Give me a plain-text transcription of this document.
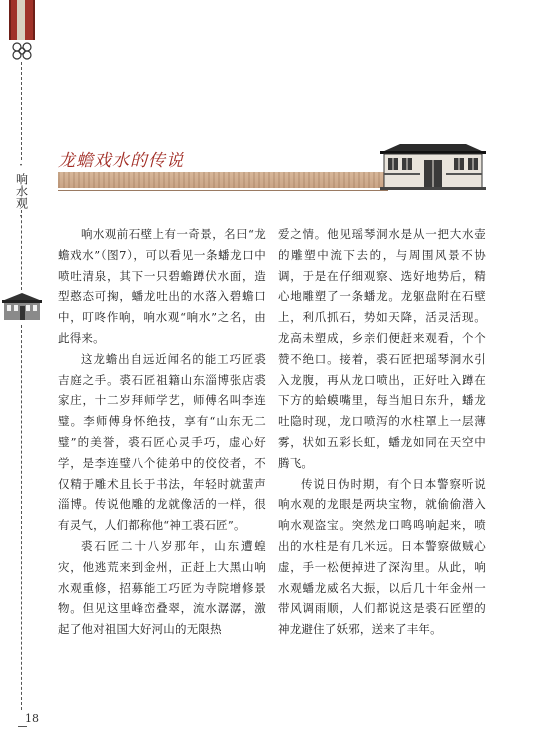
·
响水观
·
18
龙蟾戏水的传说

响水观前石壁上有一奇景，名曰“龙蟾戏水”（图7），可以看见一条蟠龙口中喷吐清泉，其下一只碧蟾蹲伏水面，造型憨态可掬，蟠龙吐出的水落入碧蟾口中，叮咚作响，响水观“响水”之名，由此得来。

这龙蟾出自远近闻名的能工巧匠裘吉庭之手。裘石匠祖籍山东淄博张店裘家庄，十二岁拜师学艺，师傅名叫李连璧。李师傅身怀绝技，享有“山东无二璧”的美誉，裘石匠心灵手巧，虚心好学，是李连璧八个徒弟中的佼佼者，不仅精于雕术且长于书法，年轻时就蜚声淄博。传说他雕的龙就像活的一样，很有灵气，人们都称他“神工裘石匠”。

裘石匠二十八岁那年，山东遭蝗灾，他逃荒来到金州，正赶上大黑山响水观重修，招募能工巧匠为寺院增修景物。但见这里峰峦叠翠，流水潺潺，激起了他对祖国大好河山的无限热

爱之情。他见瑶琴洞水是从一把大水壶的雕塑中流下去的，与周围风景不协调，于是在仔细观察、选好地势后，精心地雕塑了一条蟠龙。龙躯盘附在石壁上，利爪抓石，势如天降，活灵活现。龙高未塑成，乡亲们便赶来观看，个个赞不绝口。接着，裘石匠把瑶琴洞水引入龙腹，再从龙口喷出，正好吐入蹲在下方的蛤蟆嘴里，每当旭日东升，蟠龙吐隐时现，龙口喷泻的水柱罩上一层薄雾，状如五彩长虹，蟠龙如同在天空中腾飞。

传说日伪时期，有个日本警察听说响水观的龙眼是两块宝物，就偷偷潜入响水观盗宝。突然龙口鸣鸣响起来，喷出的水柱是有几米远。日本警察做贼心虚，手一松便掉进了深沟里。从此，响水观蟠龙威名大振，以后几十年金州一带风调雨顺，人们都说这是裘石匠塑的神龙避住了妖邪，送来了丰年。
